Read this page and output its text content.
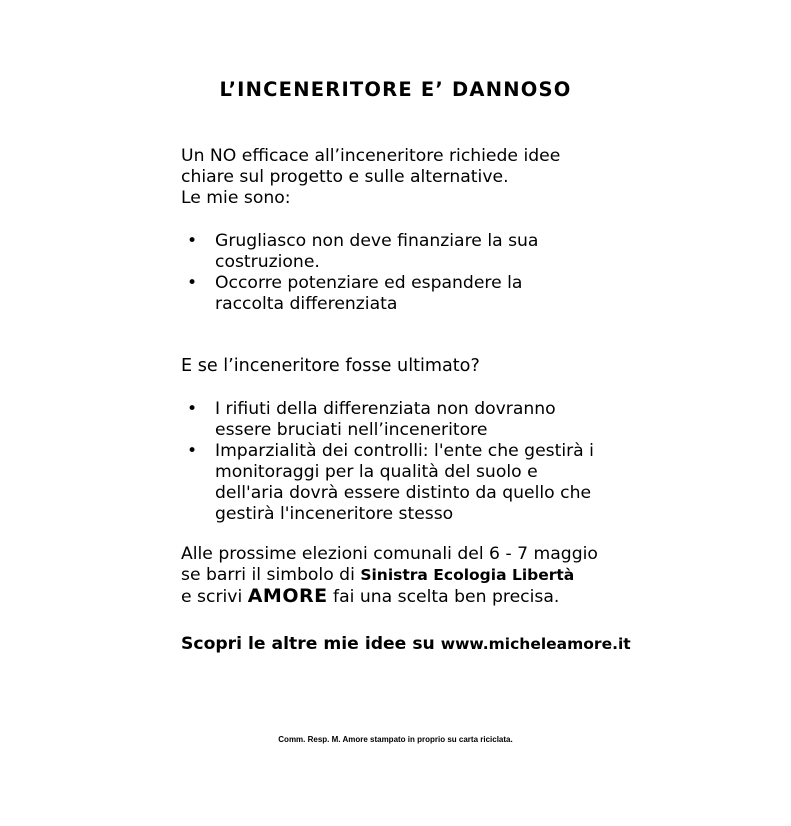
L’INCENERITORE E’ DANNOSO

Un NO efficace all’inceneritore richiede idee

chiare sul progetto e sulle alternative.

Le mie sono:

• Grugliasco non deve finanziare la sua
costruzione.
• Occorre potenziare ed espandere la
raccolta differenziata
E se l’inceneritore fosse ultimato?
• I rifiuti della differenziata non dovranno
essere bruciati nell’inceneritore
• Imparzialità dei controlli: l'ente che gestirà i
monitoraggi per la qualità del suolo e
dell'aria dovrà essere distinto da quello che
gestirà l'inceneritore stesso

Alle prossime elezioni comunali del 6 - 7 maggio

se barri il simbolo di Sinistra Ecologia Libertà

e scrivi AMORE fai una scelta ben precisa.

Scopri le altre mie idee su www.micheleamore.it
Comm. Resp. M. Amore stampato in proprio su carta riciclata.
